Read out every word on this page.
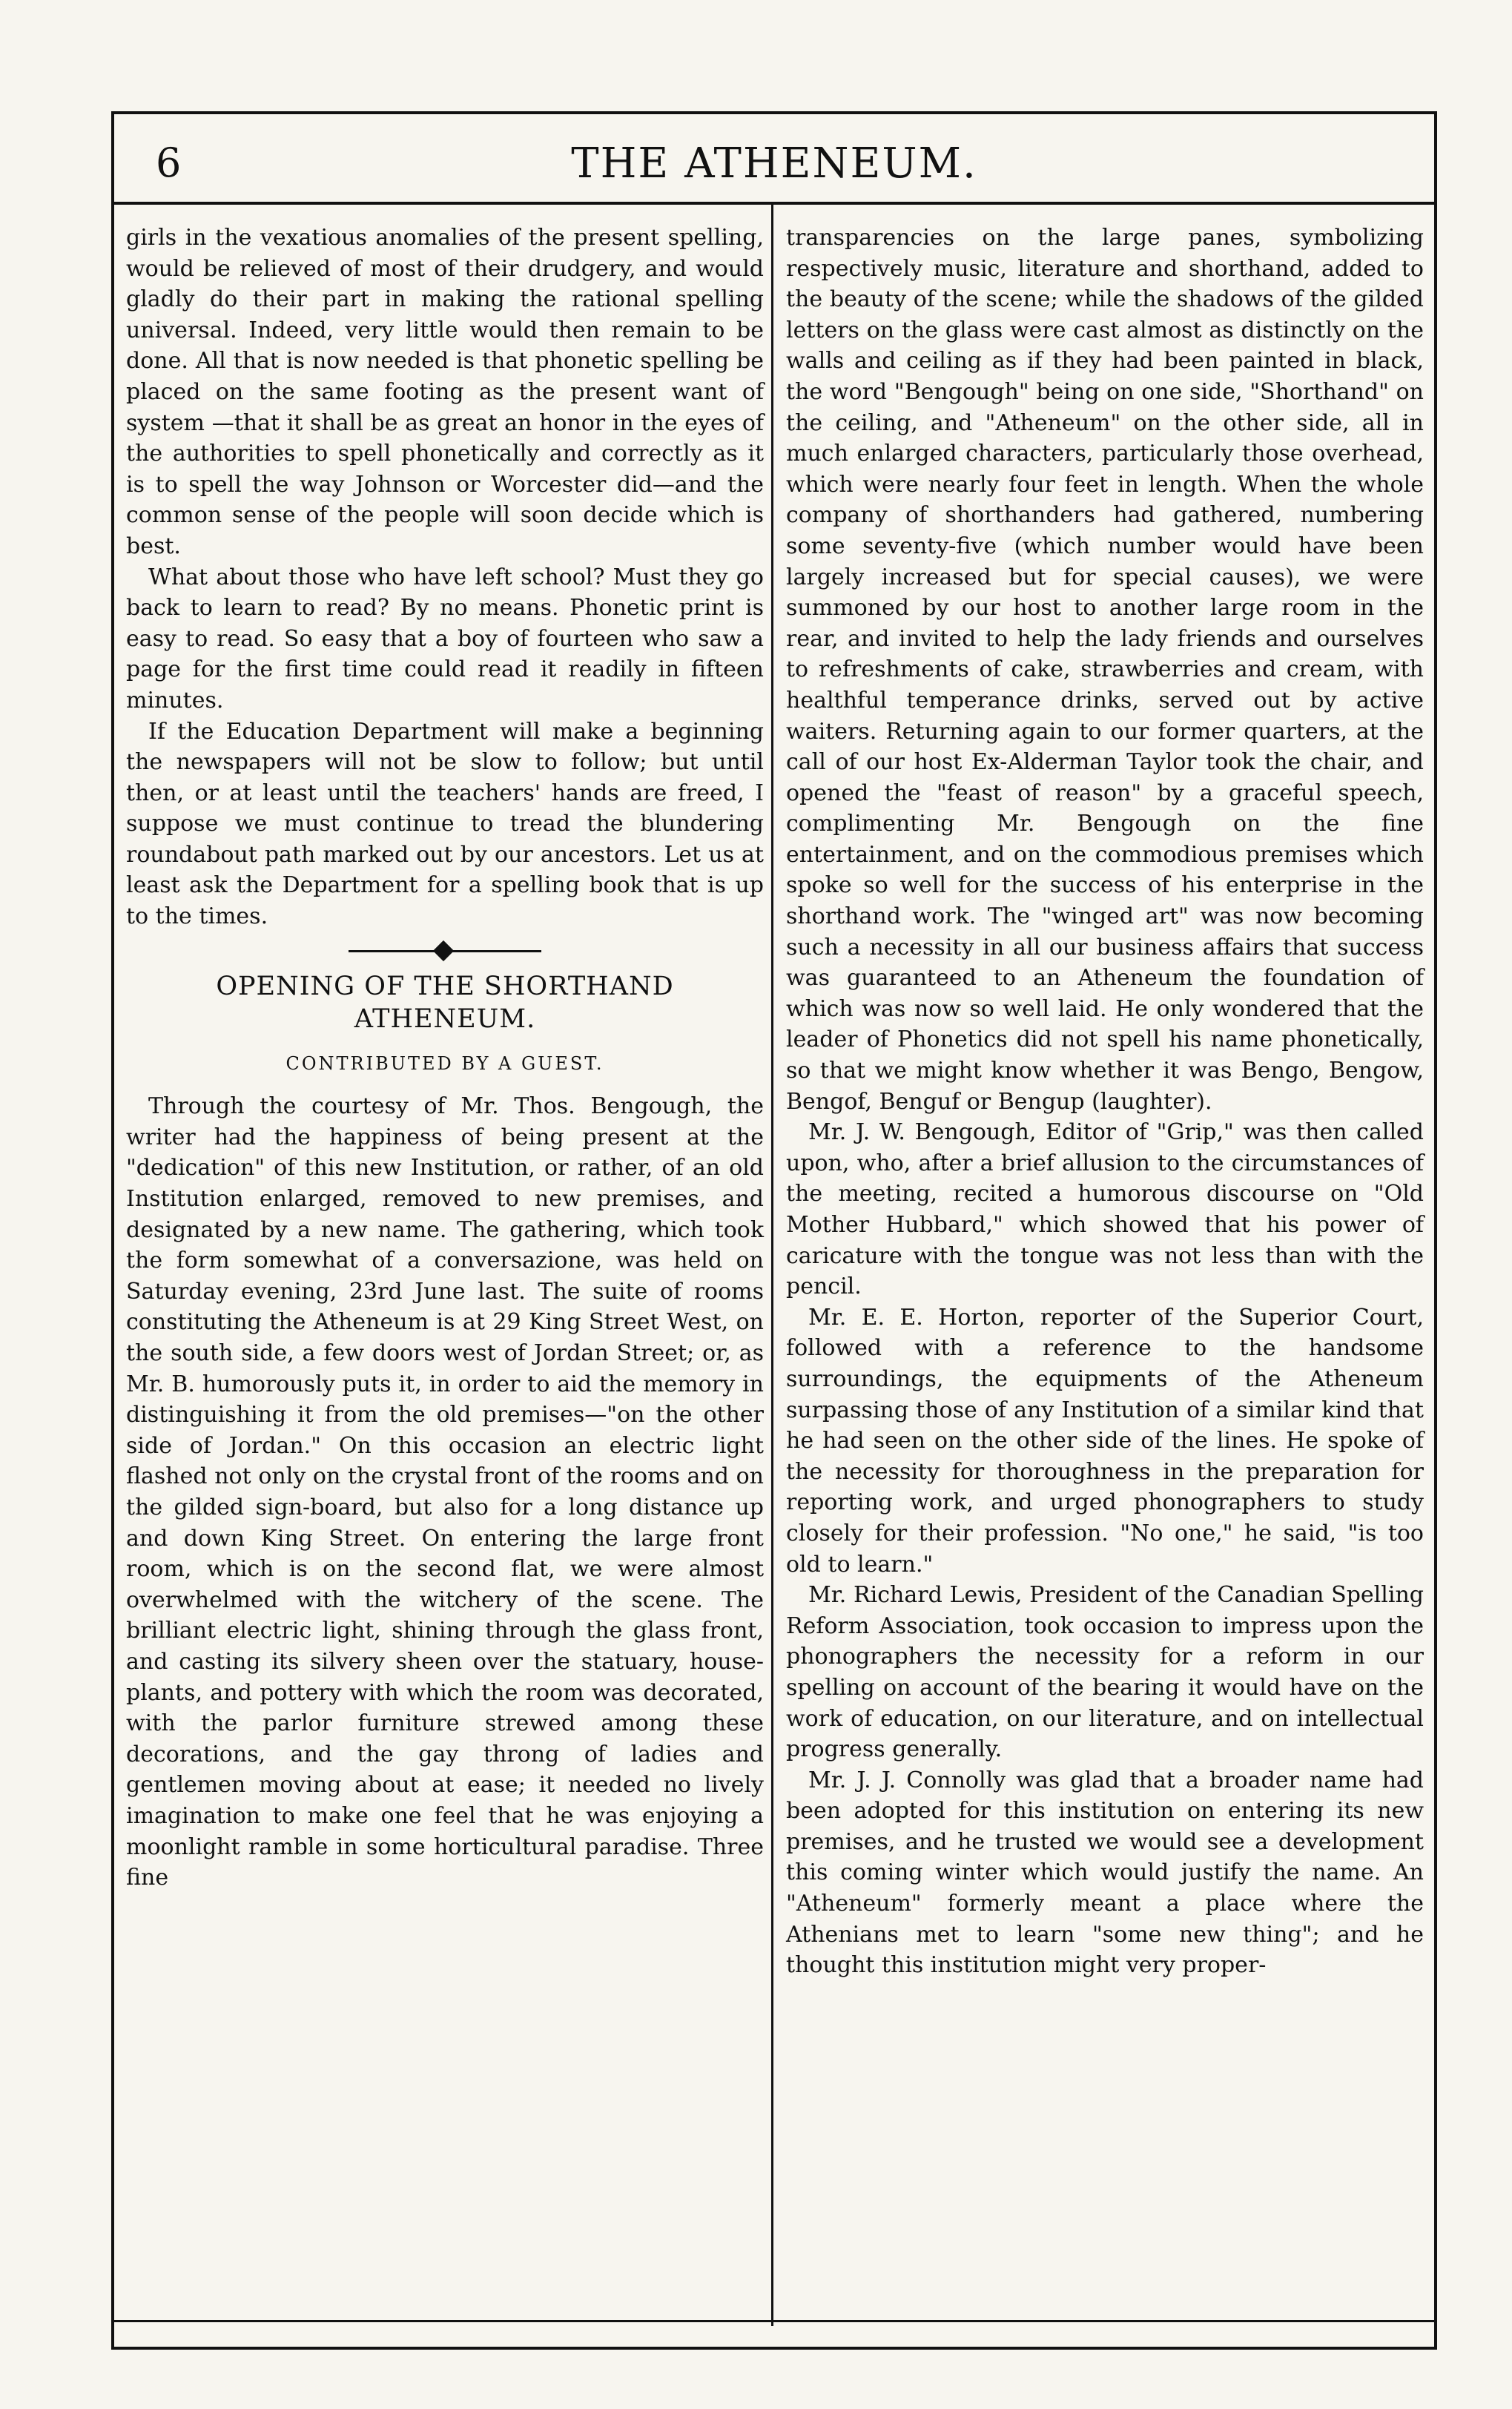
6	THE ATHENEUM.

girls in the vexatious anomalies of the present spelling, would be relieved of most of their drudgery, and would gladly do their part in making the rational spelling universal. Indeed, very little would then remain to be done. All that is now needed is that phonetic spelling be placed on the same footing as the present want of system —that it shall be as great an honor in the eyes of the authorities to spell phonetically and correctly as it is to spell the way Johnson or Worcester did—and the common sense of the people will soon decide which is best.

What about those who have left school? Must they go back to learn to read? By no means. Phonetic print is easy to read. So easy that a boy of fourteen who saw a page for the first time could read it readily in fifteen minutes.

If the Education Department will make a beginning the newspapers will not be slow to follow; but until then, or at least until the teachers' hands are freed, I suppose we must continue to tread the blundering roundabout path marked out by our ancestors. Let us at least ask the Department for a spelling book that is up to the times.

OPENING OF THE SHORTHAND ATHENEUM.
CONTRIBUTED BY A GUEST.

Through the courtesy of Mr. Thos. Bengough, the writer had the happiness of being present at the "dedication" of this new Institution, or rather, of an old Institution enlarged, removed to new premises, and designated by a new name. The gathering, which took the form somewhat of a conversazione, was held on Saturday evening, 23rd June last. The suite of rooms constituting the Atheneum is at 29 King Street West, on the south side, a few doors west of Jordan Street; or, as Mr. B. humorously puts it, in order to aid the memory in distinguishing it from the old premises—"on the other side of Jordan." On this occasion an electric light flashed not only on the crystal front of the rooms and on the gilded sign-board, but also for a long distance up and down King Street. On entering the large front room, which is on the second flat, we were almost overwhelmed with the witchery of the scene. The brilliant electric light, shining through the glass front, and casting its silvery sheen over the statuary, house-plants, and pottery with which the room was decorated, with the parlor furniture strewed among these decorations, and the gay throng of ladies and gentlemen moving about at ease; it needed no lively imagination to make one feel that he was enjoying a moonlight ramble in some horticultural paradise. Three fine

transparencies on the large panes, symbolizing respectively music, literature and shorthand, added to the beauty of the scene; while the shadows of the gilded letters on the glass were cast almost as distinctly on the walls and ceiling as if they had been painted in black, the word "Bengough" being on one side, "Shorthand" on the ceiling, and "Atheneum" on the other side, all in much enlarged characters, particularly those overhead, which were nearly four feet in length. When the whole company of shorthanders had gathered, numbering some seventy-five (which number would have been largely increased but for special causes), we were summoned by our host to another large room in the rear, and invited to help the lady friends and ourselves to refreshments of cake, strawberries and cream, with healthful temperance drinks, served out by active waiters. Returning again to our former quarters, at the call of our host Ex-Alderman Taylor took the chair, and opened the "feast of reason" by a graceful speech, complimenting Mr. Bengough on the fine entertainment, and on the commodious premises which spoke so well for the success of his enterprise in the shorthand work. The "winged art" was now becoming such a necessity in all our business affairs that success was guaranteed to an Atheneum the foundation of which was now so well laid. He only wondered that the leader of Phonetics did not spell his name phonetically, so that we might know whether it was Bengo, Bengow, Bengof, Benguf or Bengup (laughter).

Mr. J. W. Bengough, Editor of "Grip," was then called upon, who, after a brief allusion to the circumstances of the meeting, recited a humorous discourse on "Old Mother Hubbard," which showed that his power of caricature with the tongue was not less than with the pencil.

Mr. E. E. Horton, reporter of the Superior Court, followed with a reference to the handsome surroundings, the equipments of the Atheneum surpassing those of any Institution of a similar kind that he had seen on the other side of the lines. He spoke of the necessity for thoroughness in the preparation for reporting work, and urged phonographers to study closely for their profession. "No one," he said, "is too old to learn."

Mr. Richard Lewis, President of the Canadian Spelling Reform Association, took occasion to impress upon the phonographers the necessity for a reform in our spelling on account of the bearing it would have on the work of education, on our literature, and on intellectual progress generally.

Mr. J. J. Connolly was glad that a broader name had been adopted for this institution on entering its new premises, and he trusted we would see a development this coming winter which would justify the name. An "Atheneum" formerly meant a place where the Athenians met to learn "some new thing"; and he thought this institution might very proper-
